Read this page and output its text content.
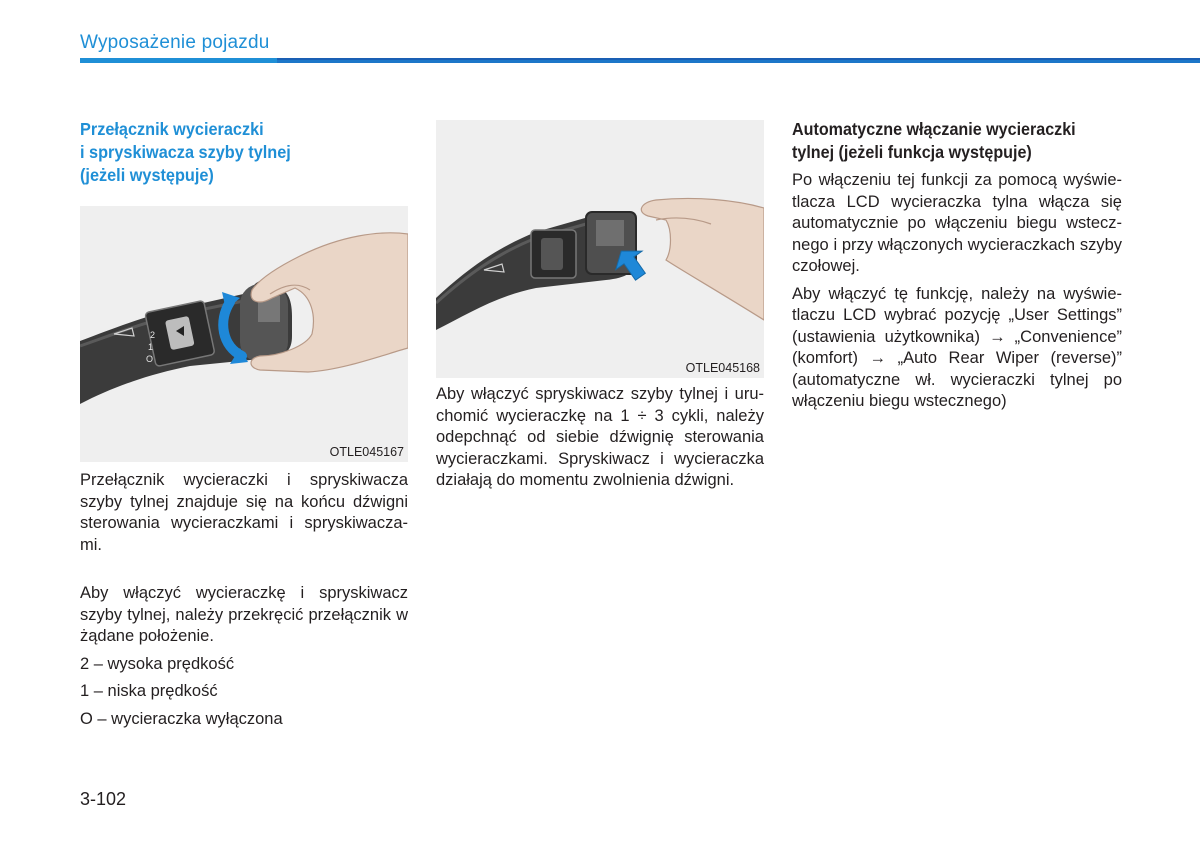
Wyposażenie pojazdu
Przełącznik wycieraczki
i spryskiwacza szyby tylnej
(jeżeli występuje)
2
1
O
OTLE045167

Przełącznik wycieraczki i spryskiwacza szyby tylnej znajduje się na końcu dźwigni sterowania wycieraczkami i spryskiwacza-mi.

Aby włączyć wycieraczkę i spryskiwacz szyby tylnej, należy przekręcić przełącznik w żądane położenie.

2 – wysoka prędkość

1 – niska prędkość

O – wycieraczka wyłączona

OTLE045168

Aby włączyć spryskiwacz szyby tylnej i uru-chomić wycieraczkę na 1 ÷ 3 cykli, należy odepchnąć od siebie dźwignię sterowania wycieraczkami. Spryskiwacz i wycieraczka działają do momentu zwolnienia dźwigni.

Automatyczne włączanie wycieraczki
tylnej (jeżeli funkcja występuje)

Po włączeniu tej funkcji za pomocą wyświe-tlacza LCD wycieraczka tylna włącza się automatycznie po włączeniu biegu wstecz-nego i przy włączonych wycieraczkach szyby czołowej.

Aby włączyć tę funkcję, należy na wyświe-tlaczu LCD wybrać pozycję „User Settings” (ustawienia użytkownika) → „Convenience” (komfort) → „Auto Rear Wiper (reverse)” (automatyczne wł. wycieraczki tylnej po włączeniu biegu wstecznego)

3-102
